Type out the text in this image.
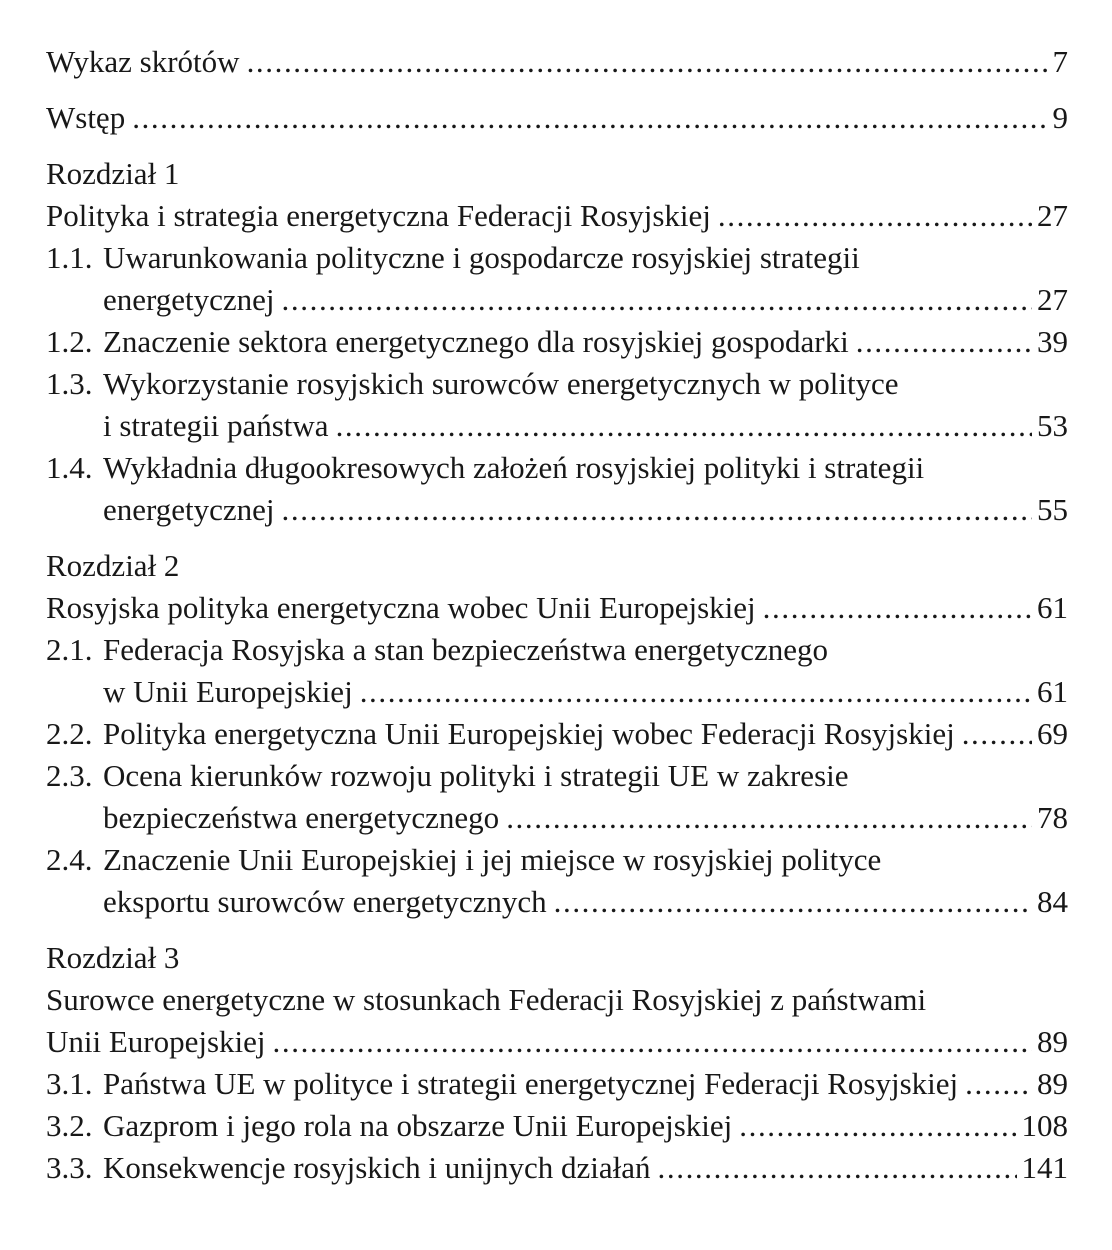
Wykaz skrótów .....	7
Wstęp .....	9
Rozdział 1
Polityka i strategia energetyczna Federacji Rosyjskiej .....	27
1.1. Uwarunkowania polityczne i gospodarcze rosyjskiej strategii
energetycznej .....	27
1.2. Znaczenie sektora energetycznego dla rosyjskiej gospodarki .....	39
1.3. Wykorzystanie rosyjskich surowców energetycznych w polityce
i strategii państwa .....	53
1.4. Wykładnia długookresowych założeń rosyjskiej polityki i strategii
energetycznej .....	55
Rozdział 2
Rosyjska polityka energetyczna wobec Unii Europejskiej .....	61
2.1. Federacja Rosyjska a stan bezpieczeństwa energetycznego
w Unii Europejskiej .....	61
2.2. Polityka energetyczna Unii Europejskiej wobec Federacji Rosyjskiej .....	69
2.3. Ocena kierunków rozwoju polityki i strategii UE w zakresie
bezpieczeństwa energetycznego .....	78
2.4. Znaczenie Unii Europejskiej i jej miejsce w rosyjskiej polityce
eksportu surowców energetycznych .....	84
Rozdział 3
Surowce energetyczne w stosunkach Federacji Rosyjskiej z państwami
Unii Europejskiej .....	89
3.1. Państwa UE w polityce i strategii energetycznej Federacji Rosyjskiej .....	89
3.2. Gazprom i jego rola na obszarze Unii Europejskiej .....	108
3.3. Konsekwencje rosyjskich i unijnych działań .....	141
